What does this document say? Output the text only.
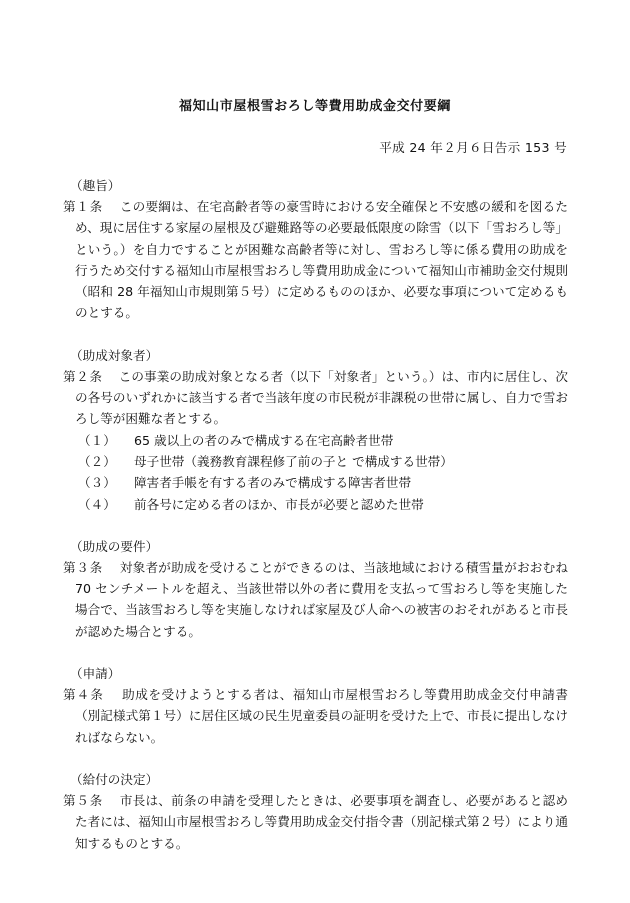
福知山市屋根雪おろし等費用助成金交付要綱
平成 24 年２月６日告示 153 号

（趣旨）

第１条 この要綱は、在宅高齢者等の豪雪時における安全確保と不安感の緩和を図るため、現に居住する家屋の屋根及び避難路等の必要最低限度の除雪（以下「雪おろし等」という。）を自力ですることが困難な高齢者等に対し、雪おろし等に係る費用の助成を行うため交付する福知山市屋根雪おろし等費用助成金について福知山市補助金交付規則（昭和 28 年福知山市規則第５号）に定めるもののほか、必要な事項について定めるものとする。

（助成対象者）

第２条 この事業の助成対象となる者（以下「対象者」という。）は、市内に居住し、次の各号のいずれかに該当する者で当該年度の市民税が非課税の世帯に属し、自力で雪おろし等が困難な者とする。

（１）	65 歳以上の者のみで構成する在宅高齢者世帯
（２）	母子世帯（義務教育課程修了前の子と で構成する世帯）
（３）	障害者手帳を有する者のみで構成する障害者世帯
（４）	前各号に定める者のほか、市長が必要と認めた世帯

（助成の要件）

第３条 対象者が助成を受けることができるのは、当該地域における積雪量がおおむね 70 センチメートルを超え、当該世帯以外の者に費用を支払って雪おろし等を実施した場合で、当該雪おろし等を実施しなければ家屋及び人命への被害のおそれがあると市長が認めた場合とする。

（申請）

第４条 助成を受けようとする者は、福知山市屋根雪おろし等費用助成金交付申請書（別記様式第１号）に居住区域の民生児童委員の証明を受けた上で、市長に提出しなければならない。

（給付の決定）

第５条 市長は、前条の申請を受理したときは、必要事項を調査し、必要があると認めた者には、福知山市屋根雪おろし等費用助成金交付指令書（別記様式第２号）により通知するものとする。
